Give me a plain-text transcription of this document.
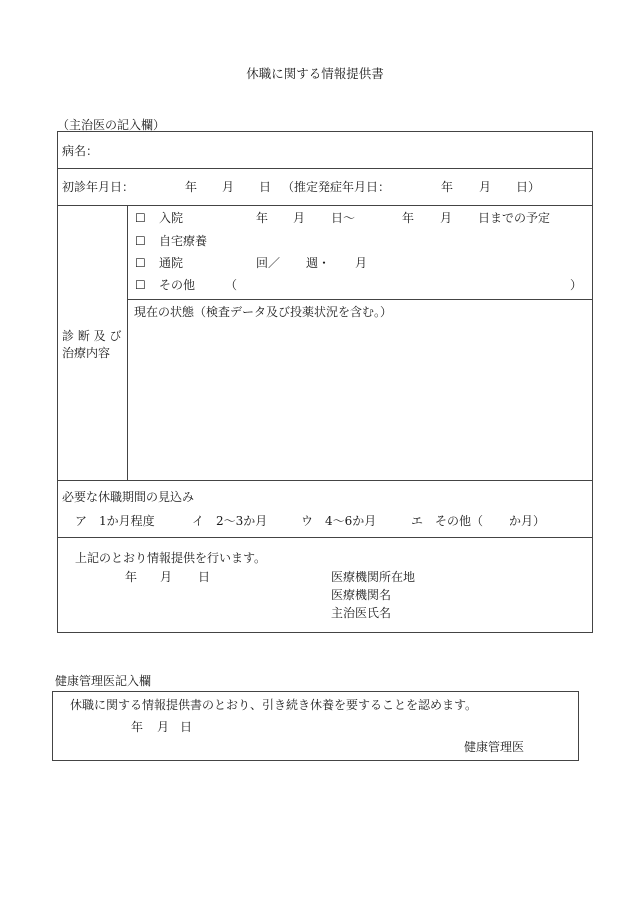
休職に関する情報提供書
（主治医の記入欄）
病名：
初診年月日：	年 月 日 （推定発症年月日：	年 月 日）
診 断 及 び
治療内容
☐ 入院	年 月 日〜	年 月 日までの予定
☐ 自宅療養
☐ 通院	回／ 週・ 月
☐ その他 （	）
現在の状態（検査データ及び投薬状況を含む。）
必要な休職期間の見込み
ア　1か月程度	イ　2〜3か月	ウ　4〜6か月	エ　その他（ か月）
上記のとおり情報提供を行います。
年 月 日	医療機関所在地
医療機関名
主治医氏名
健康管理医記入欄
休職に関する情報提供書のとおり、引き続き休養を要することを認めます。
年 月 日
健康管理医
